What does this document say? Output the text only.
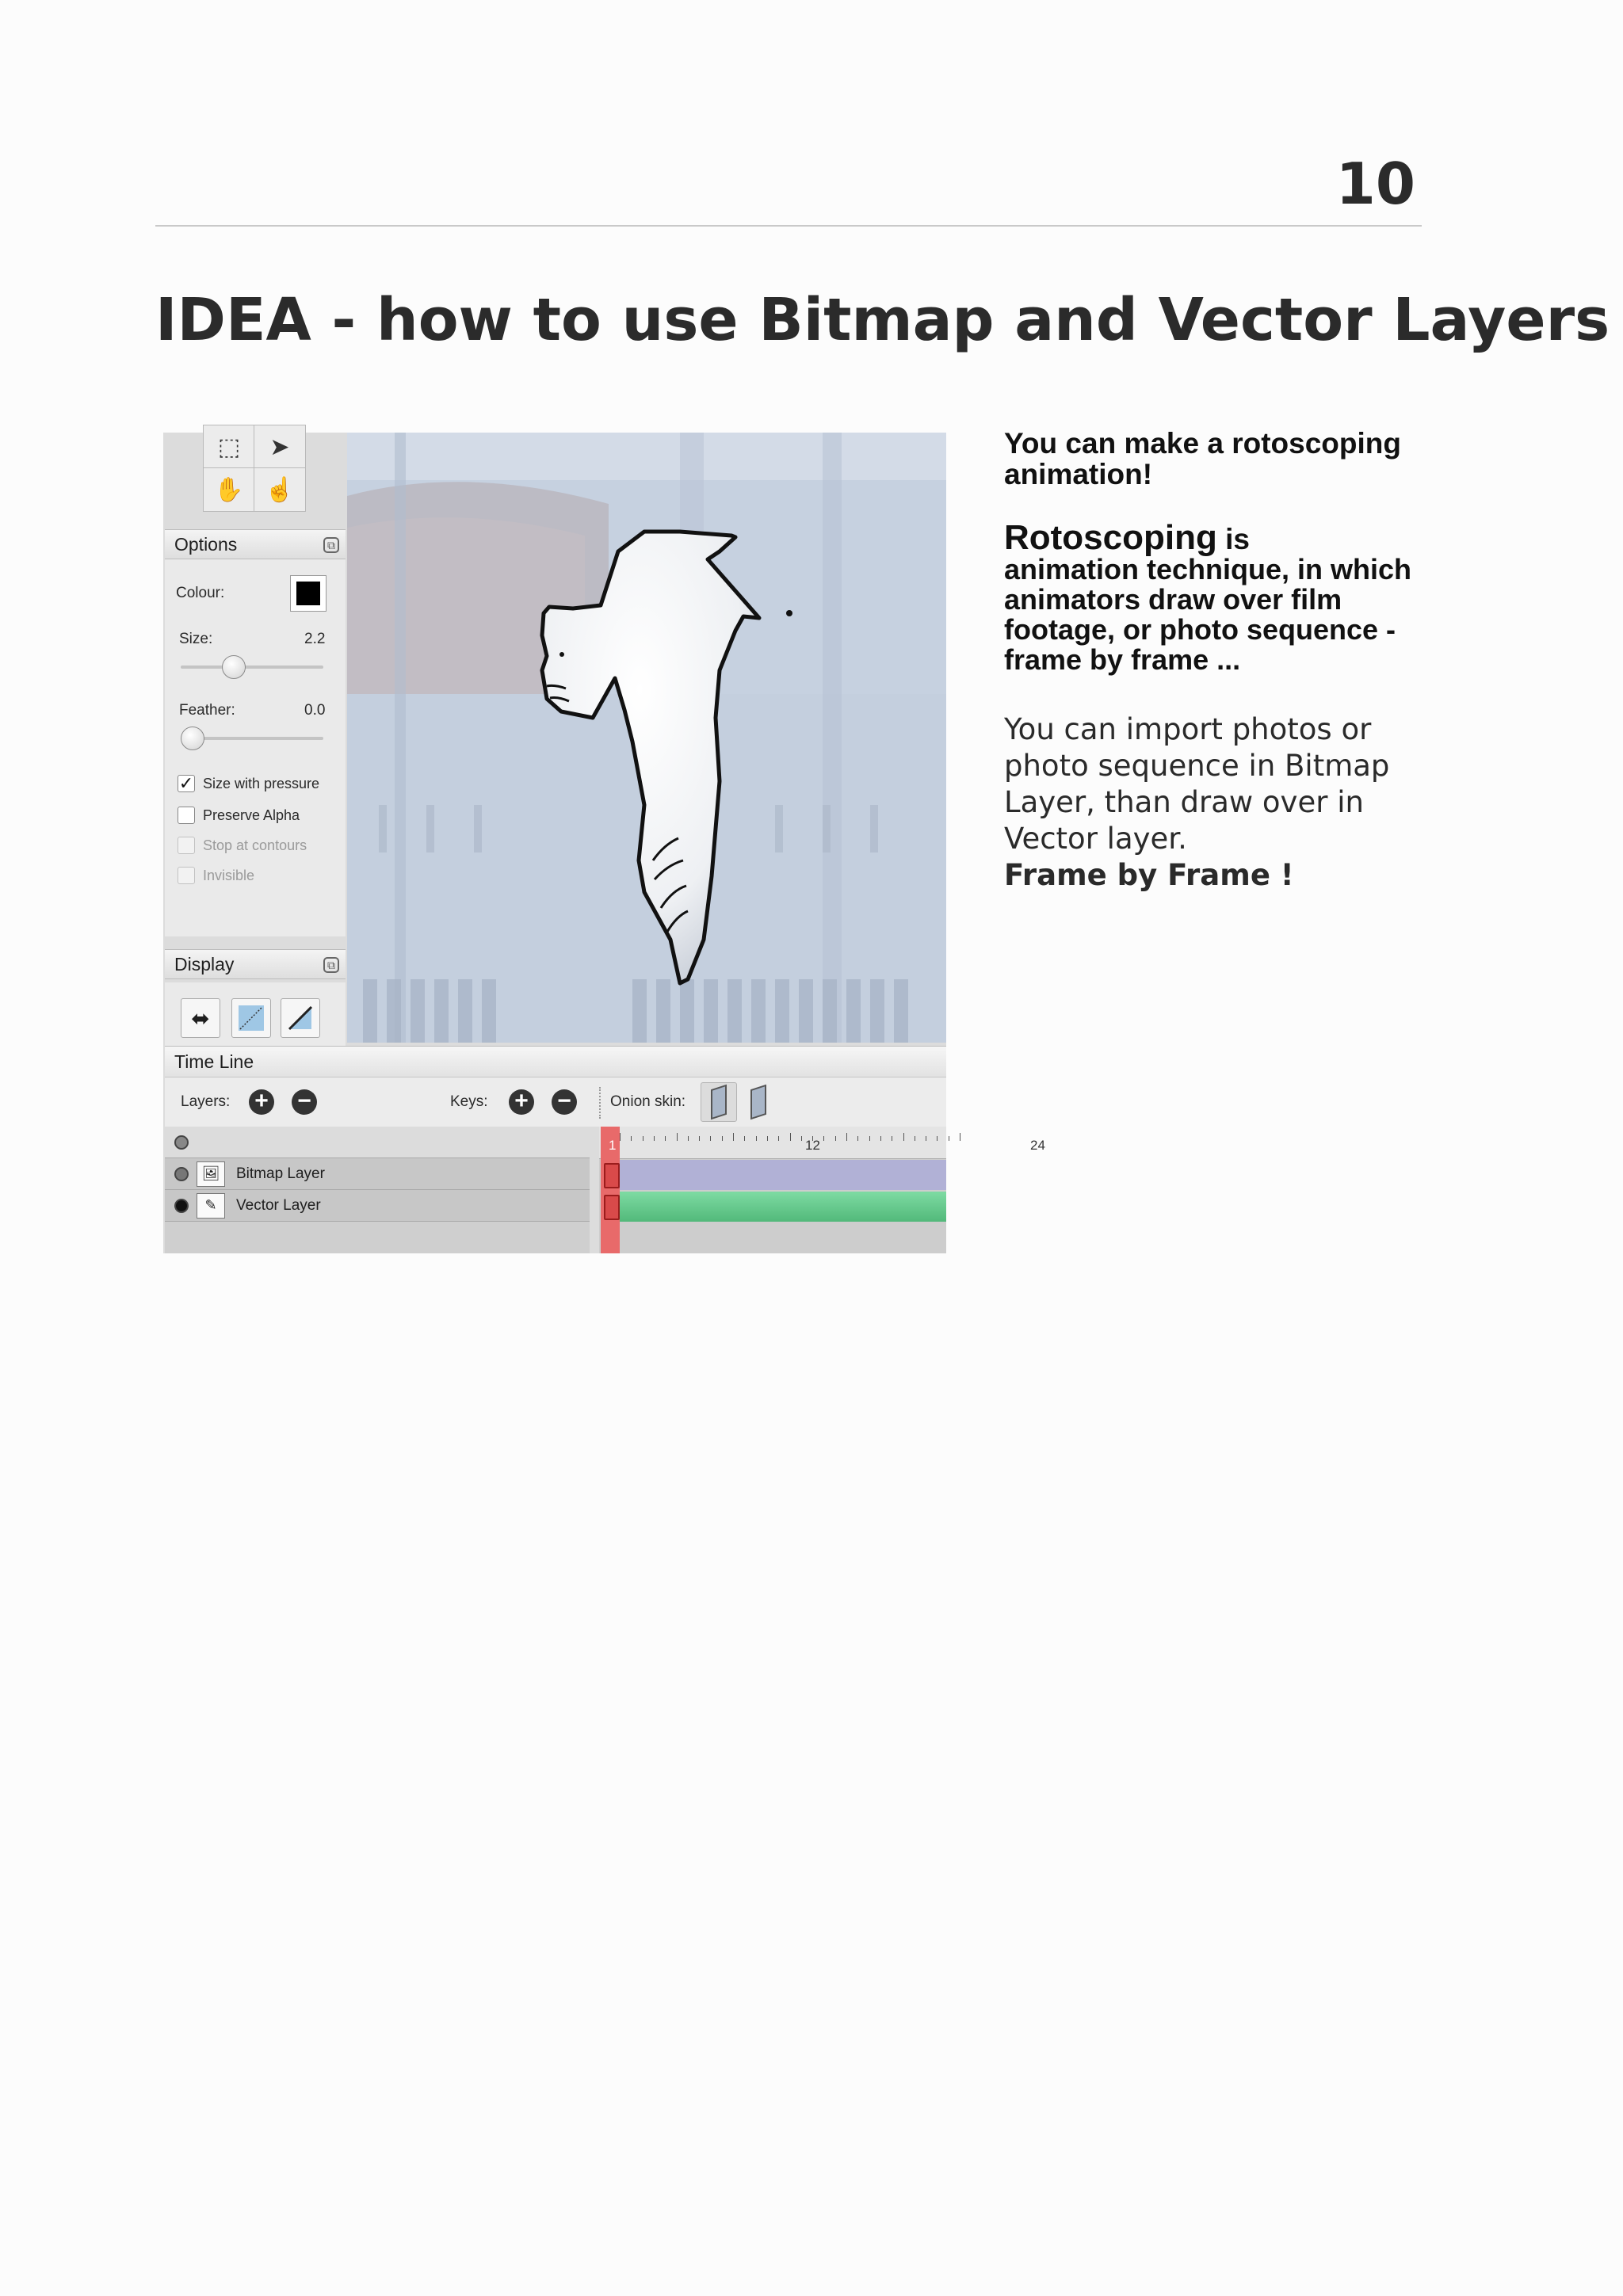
10
IDEA - how to use Bitmap and Vector Layers
⬚ ➤
✋ ☝
Options	⧉
Colour:
Size:	2.2
Feather:	0.0
✓ Size with pressure
Preserve Alpha
Stop at contours
Invisible
Display	⧉
⬌
Time Line
Layers: + −	Keys: + −	Onion skin:
🖼	Bitmap Layer
✎	Vector Layer
1	12	24

You can make a rotoscoping animation!

Rotoscoping is
animation technique, in which animators draw over film footage, or photo sequence - frame by frame ...

You can import photos or photo sequence in Bitmap Layer, than draw over in Vector layer.

Frame by Frame !
